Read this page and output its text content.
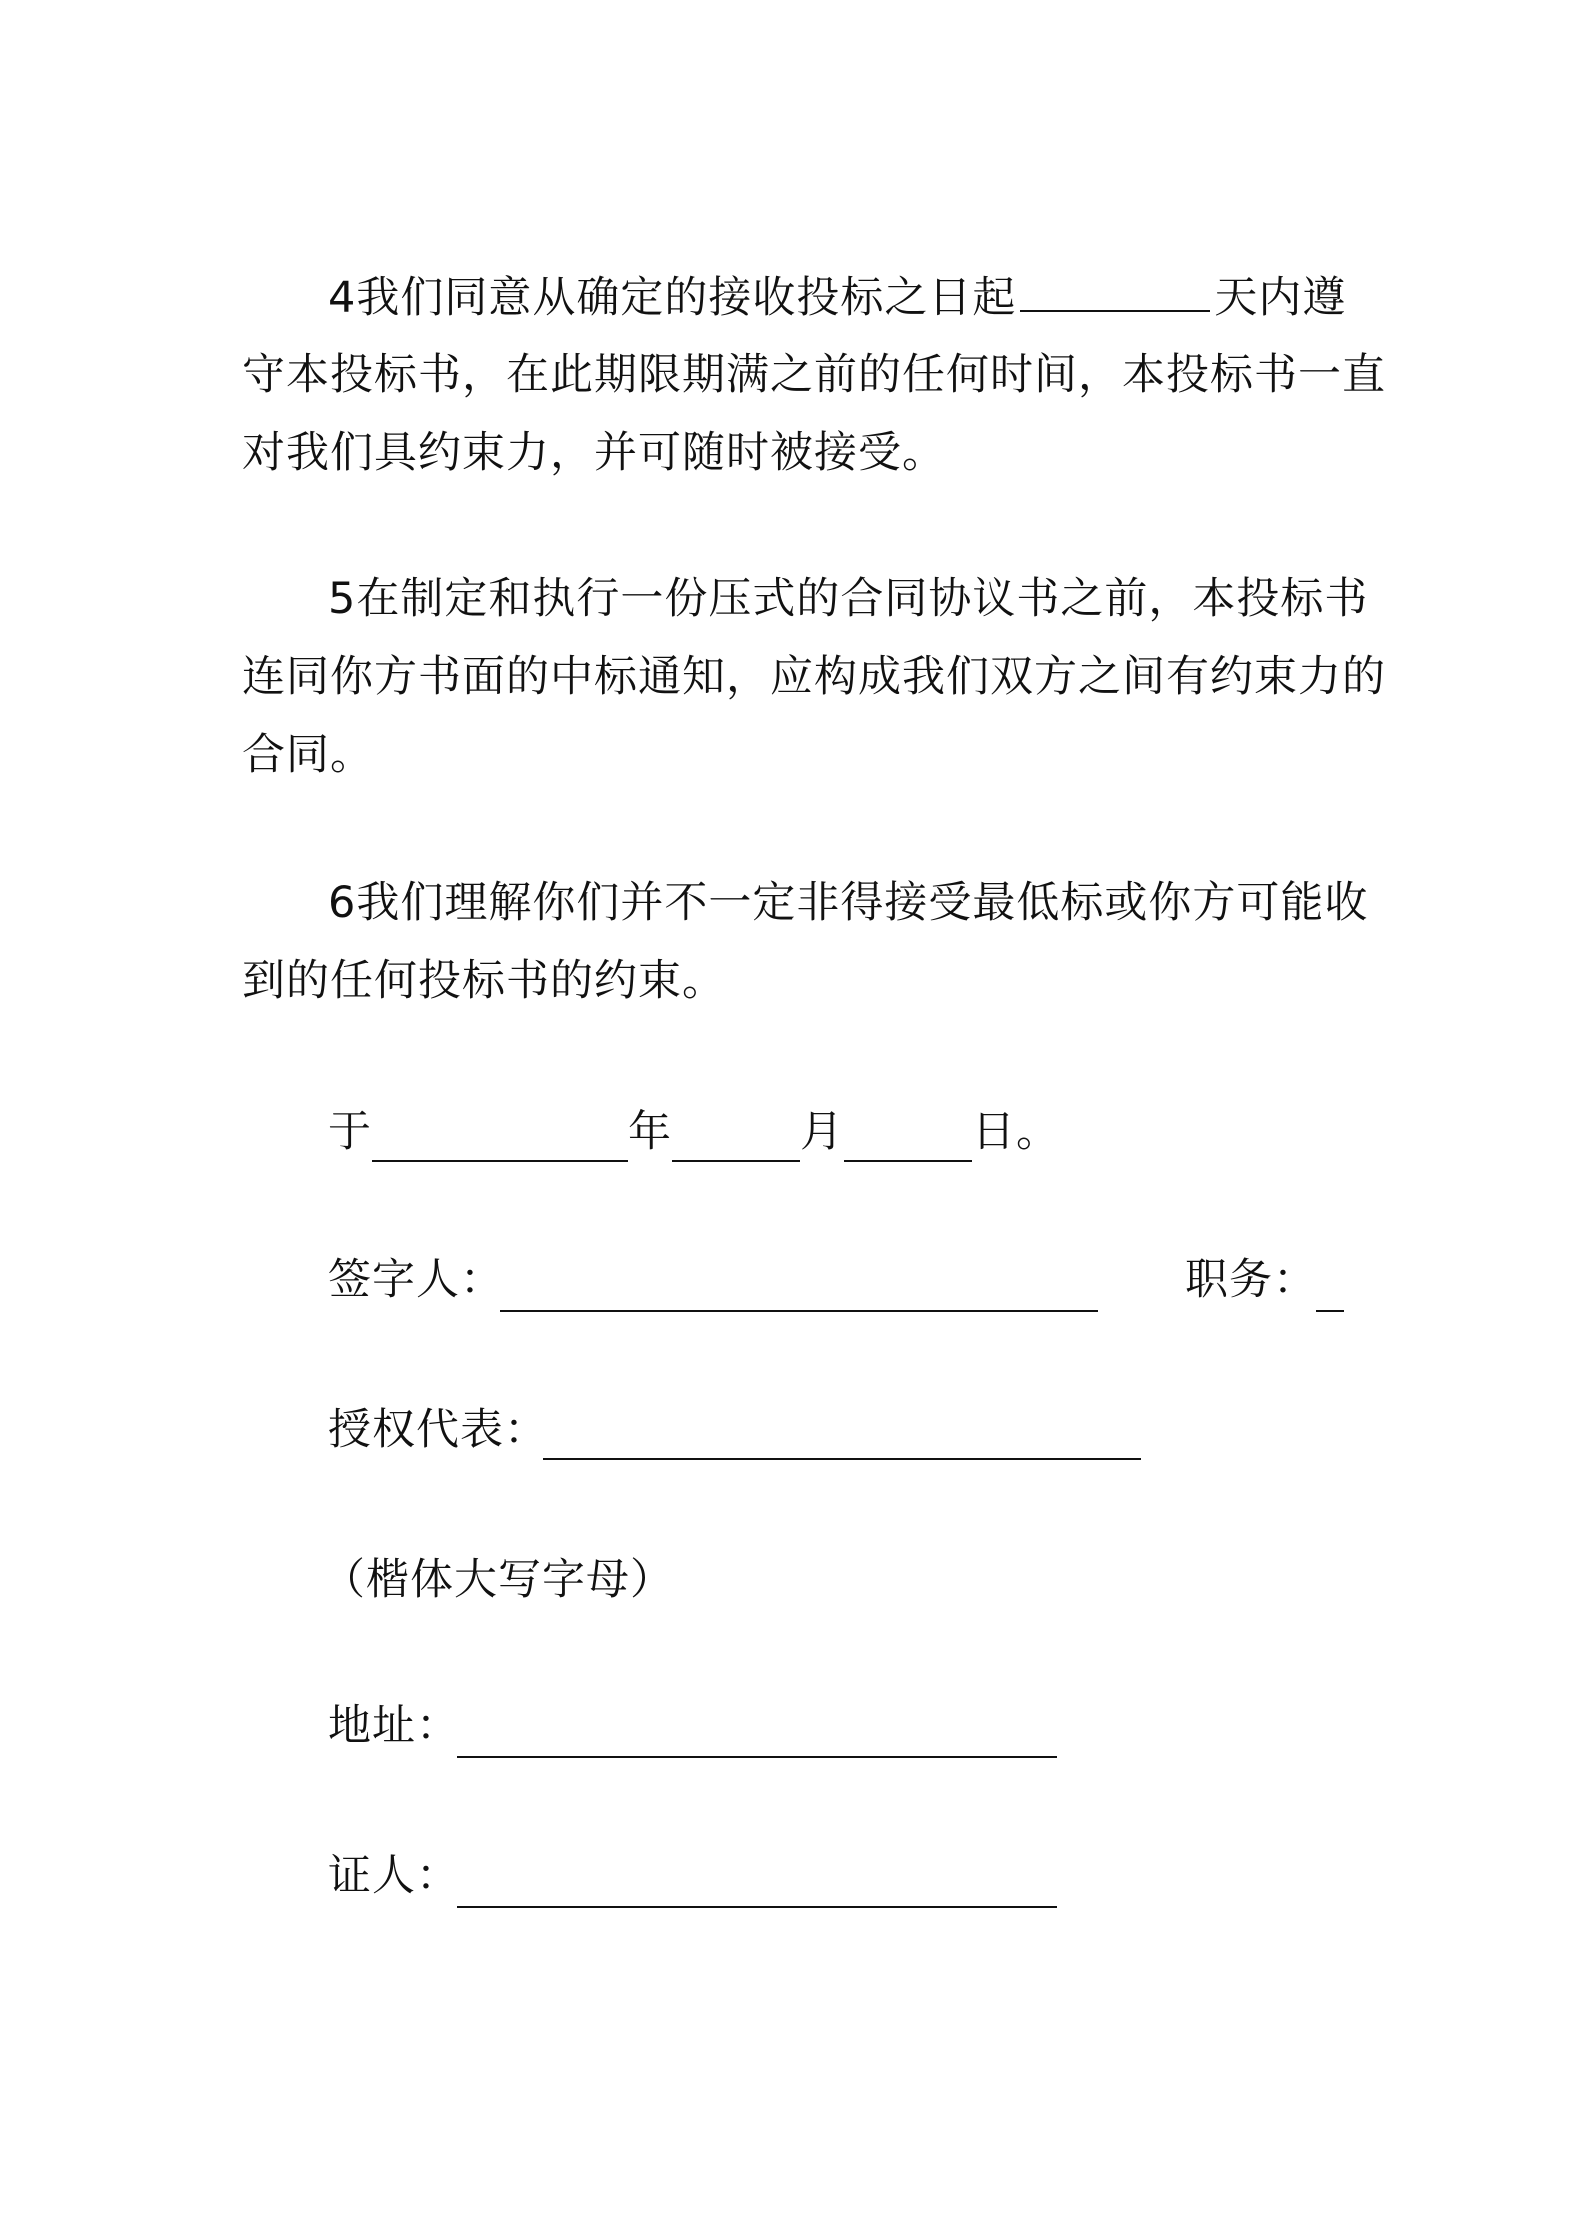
4我们同意从确定的接收投标之日起	天内遵
守本投标书，在此期限期满之前的任何时间，本投标书一直
对我们具约束力，并可随时被接受。
5在制定和执行一份压式的合同协议书之前，本投标书
连同你方书面的中标通知，应构成我们双方之间有约束力的
合同。
6我们理解你们并不一定非得接受最低标或你方可能收
到的任何投标书的约束。
于	年	月	日。
签字人：	职务：
授权代表：
（楷体大写字母）
地址：
证人：
